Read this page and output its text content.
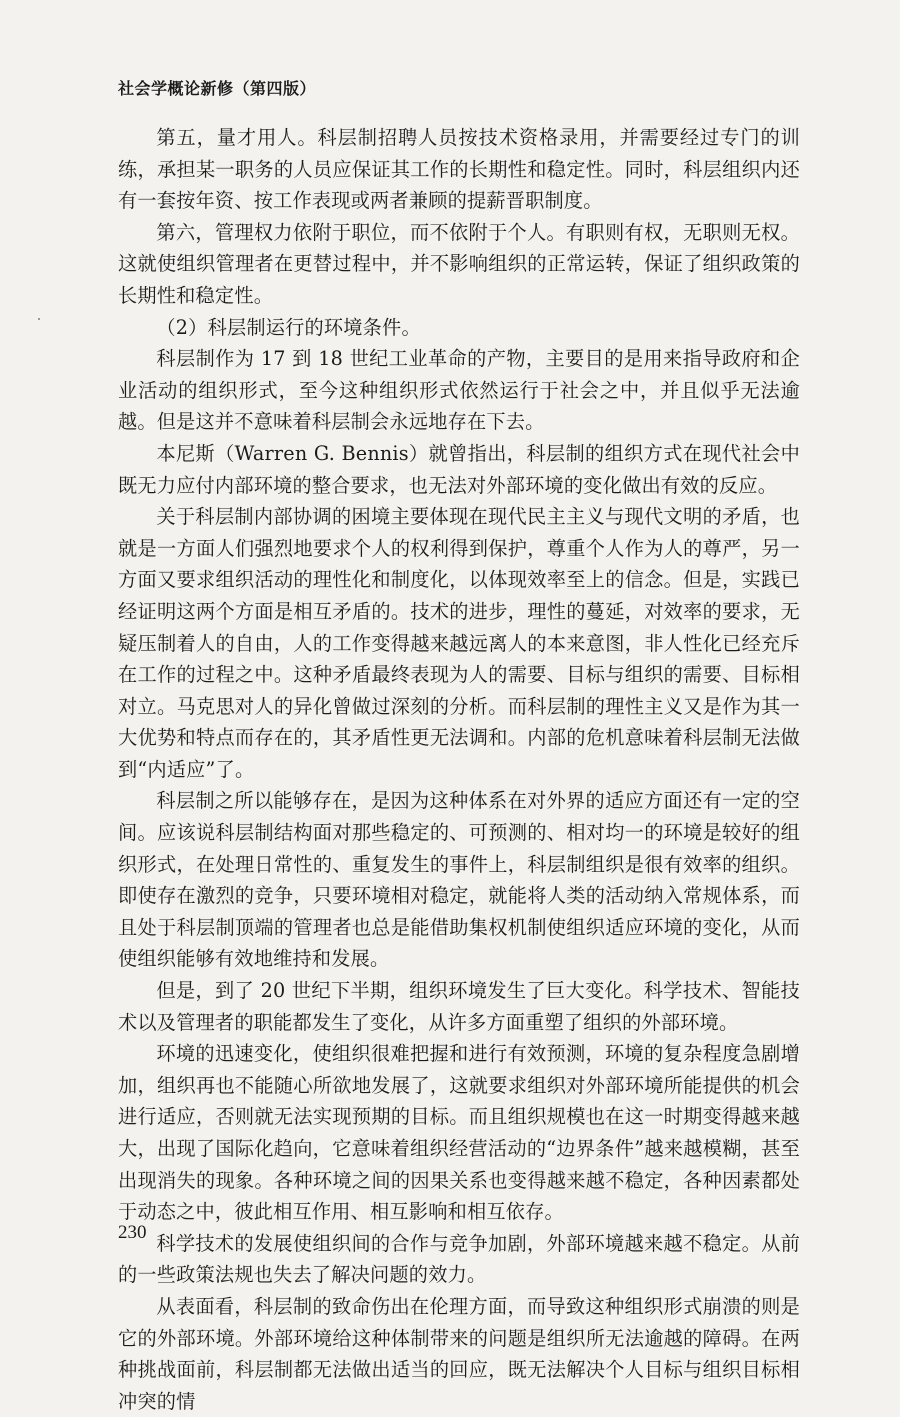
社会学概论新修（第四版）

第五，量才用人。科层制招聘人员按技术资格录用，并需要经过专门的训练，承担某一职务的人员应保证其工作的长期性和稳定性。同时，科层组织内还有一套按年资、按工作表现或两者兼顾的提薪晋职制度。

第六，管理权力依附于职位，而不依附于个人。有职则有权，无职则无权。这就使组织管理者在更替过程中，并不影响组织的正常运转，保证了组织政策的长期性和稳定性。

（2）科层制运行的环境条件。

科层制作为 17 到 18 世纪工业革命的产物，主要目的是用来指导政府和企业活动的组织形式，至今这种组织形式依然运行于社会之中，并且似乎无法逾越。但是这并不意味着科层制会永远地存在下去。

本尼斯（Warren G. Bennis）就曾指出，科层制的组织方式在现代社会中既无力应付内部环境的整合要求，也无法对外部环境的变化做出有效的反应。

关于科层制内部协调的困境主要体现在现代民主主义与现代文明的矛盾，也就是一方面人们强烈地要求个人的权利得到保护，尊重个人作为人的尊严，另一方面又要求组织活动的理性化和制度化，以体现效率至上的信念。但是，实践已经证明这两个方面是相互矛盾的。技术的进步，理性的蔓延，对效率的要求，无疑压制着人的自由，人的工作变得越来越远离人的本来意图，非人性化已经充斥在工作的过程之中。这种矛盾最终表现为人的需要、目标与组织的需要、目标相对立。马克思对人的异化曾做过深刻的分析。而科层制的理性主义又是作为其一大优势和特点而存在的，其矛盾性更无法调和。内部的危机意味着科层制无法做到“内适应”了。

科层制之所以能够存在，是因为这种体系在对外界的适应方面还有一定的空间。应该说科层制结构面对那些稳定的、可预测的、相对均一的环境是较好的组织形式，在处理日常性的、重复发生的事件上，科层制组织是很有效率的组织。即使存在激烈的竞争，只要环境相对稳定，就能将人类的活动纳入常规体系，而且处于科层制顶端的管理者也总是能借助集权机制使组织适应环境的变化，从而使组织能够有效地维持和发展。

但是，到了 20 世纪下半期，组织环境发生了巨大变化。科学技术、智能技术以及管理者的职能都发生了变化，从许多方面重塑了组织的外部环境。

环境的迅速变化，使组织很难把握和进行有效预测，环境的复杂程度急剧增加，组织再也不能随心所欲地发展了，这就要求组织对外部环境所能提供的机会进行适应，否则就无法实现预期的目标。而且组织规模也在这一时期变得越来越大，出现了国际化趋向，它意味着组织经营活动的“边界条件”越来越模糊，甚至出现消失的现象。各种环境之间的因果关系也变得越来越不稳定，各种因素都处于动态之中，彼此相互作用、相互影响和相互依存。

科学技术的发展使组织间的合作与竞争加剧，外部环境越来越不稳定。从前的一些政策法规也失去了解决问题的效力。

从表面看，科层制的致命伤出在伦理方面，而导致这种组织形式崩溃的则是它的外部环境。外部环境给这种体制带来的问题是组织所无法逾越的障碍。在两种挑战面前，科层制都无法做出适当的回应，既无法解决个人目标与组织目标相冲突的情

230
